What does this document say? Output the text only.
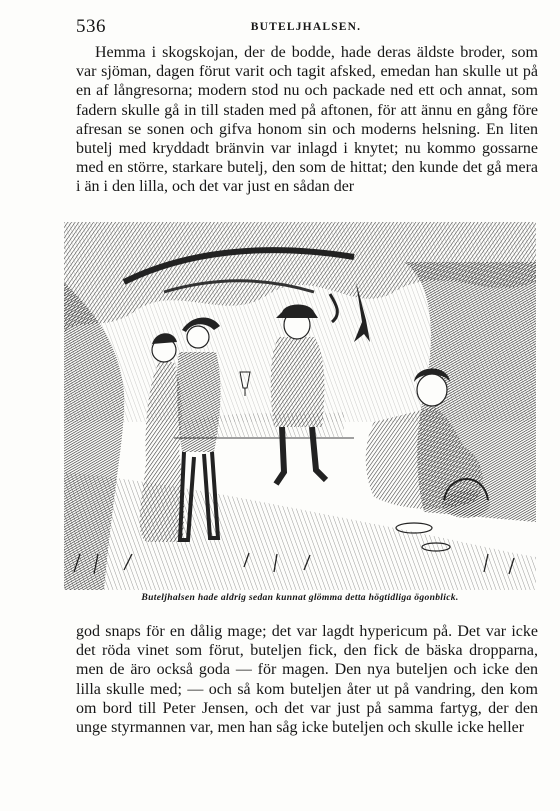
536	BUTELJHALSEN.

Hemma i skogskojan, der de bodde, hade deras äldste broder, som var sjöman, dagen förut varit och tagit afsked, emedan han skulle ut på en af långresorna; modern stod nu och packade ned ett och annat, som fadern skulle gå in till staden med på aftonen, för att ännu en gång före afresan se sonen och gifva honom sin och moderns helsning. En liten butelj med kryddadt bränvin var inlagd i knytet; nu kommo gossarne med en större, starkare butelj, den som de hittat; den kunde det gå mera i än i den lilla, och det var just en sådan der

Buteljhalsen hade aldrig sedan kunnat glömma detta högtidliga ögonblick.

god snaps för en dålig mage; det var lagdt hypericum på. Det var icke det röda vinet som förut, buteljen fick, den fick de bäska dropparna, men de äro också goda — för magen. Den nya buteljen och icke den lilla skulle med; — och så kom buteljen åter ut på vandring, den kom om bord till Peter Jensen, och det var just på samma fartyg, der den unge styrmannen var, men han såg icke buteljen och skulle icke heller
